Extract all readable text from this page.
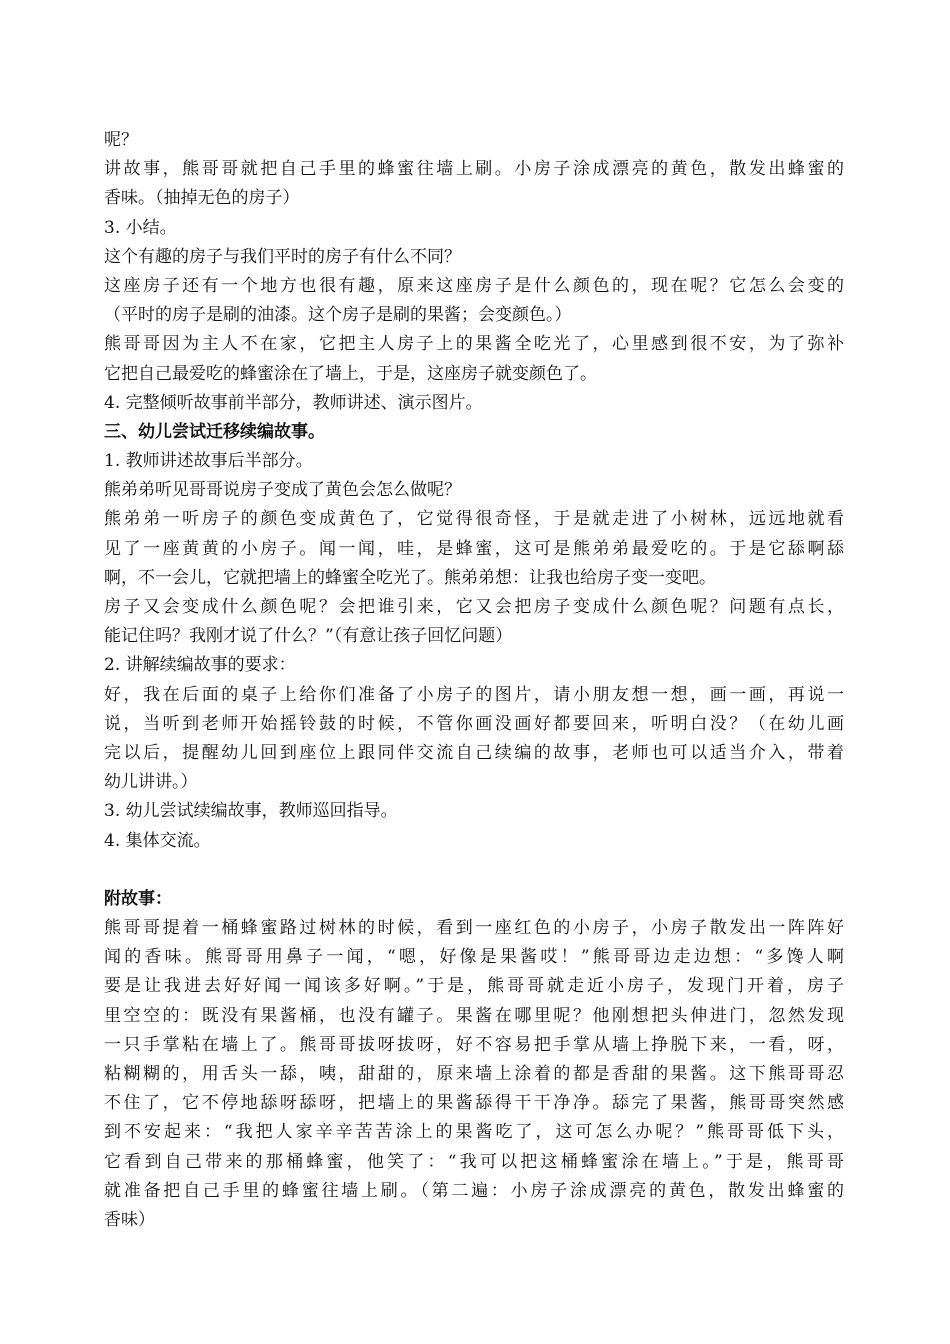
呢？
讲故事，熊哥哥就把自己手里的蜂蜜往墙上刷。小房子涂成漂亮的黄色，散发出蜂蜜的
香味。（抽掉无色的房子）
3. 小结。
这个有趣的房子与我们平时的房子有什么不同？
这座房子还有一个地方也很有趣，原来这座房子是什么颜色的，现在呢？它怎么会变的
（平时的房子是刷的油漆。这个房子是刷的果酱；会变颜色。）
熊哥哥因为主人不在家，它把主人房子上的果酱全吃光了，心里感到很不安，为了弥补
它把自己最爱吃的蜂蜜涂在了墙上，于是，这座房子就变颜色了。
4. 完整倾听故事前半部分，教师讲述、演示图片。
三、幼儿尝试迁移续编故事。
1. 教师讲述故事后半部分。
熊弟弟听见哥哥说房子变成了黄色会怎么做呢？
熊弟弟一听房子的颜色变成黄色了，它觉得很奇怪，于是就走进了小树林，远远地就看
见了一座黄黄的小房子。闻一闻，哇，是蜂蜜，这可是熊弟弟最爱吃的。于是它舔啊舔
啊，不一会儿，它就把墙上的蜂蜜全吃光了。熊弟弟想：让我也给房子变一变吧。
房子又会变成什么颜色呢？会把谁引来，它又会把房子变成什么颜色呢？问题有点长，
能记住吗？我刚才说了什么？”（有意让孩子回忆问题）
2. 讲解续编故事的要求：
好，我在后面的桌子上给你们准备了小房子的图片，请小朋友想一想，画一画，再说一
说，当听到老师开始摇铃鼓的时候，不管你画没画好都要回来，听明白没？（在幼儿画
完以后，提醒幼儿回到座位上跟同伴交流自己续编的故事，老师也可以适当介入，带着
幼儿讲讲。）
3. 幼儿尝试续编故事，教师巡回指导。
4. 集体交流。
附故事：
熊哥哥提着一桶蜂蜜路过树林的时候，看到一座红色的小房子，小房子散发出一阵阵好
闻的香味。熊哥哥用鼻子一闻，“嗯，好像是果酱哎！”熊哥哥边走边想：“多馋人啊
要是让我进去好好闻一闻该多好啊。”于是，熊哥哥就走近小房子，发现门开着，房子
里空空的：既没有果酱桶，也没有罐子。果酱在哪里呢？他刚想把头伸进门，忽然发现
一只手掌粘在墙上了。熊哥哥拔呀拔呀，好不容易把手掌从墙上挣脱下来，一看，呀，
粘糊糊的，用舌头一舔，咦，甜甜的，原来墙上涂着的都是香甜的果酱。这下熊哥哥忍
不住了，它不停地舔呀舔呀，把墙上的果酱舔得干干净净。舔完了果酱，熊哥哥突然感
到不安起来：“我把人家辛辛苦苦涂上的果酱吃了，这可怎么办呢？”熊哥哥低下头，
它看到自己带来的那桶蜂蜜，他笑了：“我可以把这桶蜂蜜涂在墙上。”于是，熊哥哥
就准备把自己手里的蜂蜜往墙上刷。（第二遍：小房子涂成漂亮的黄色，散发出蜂蜜的
香味）
